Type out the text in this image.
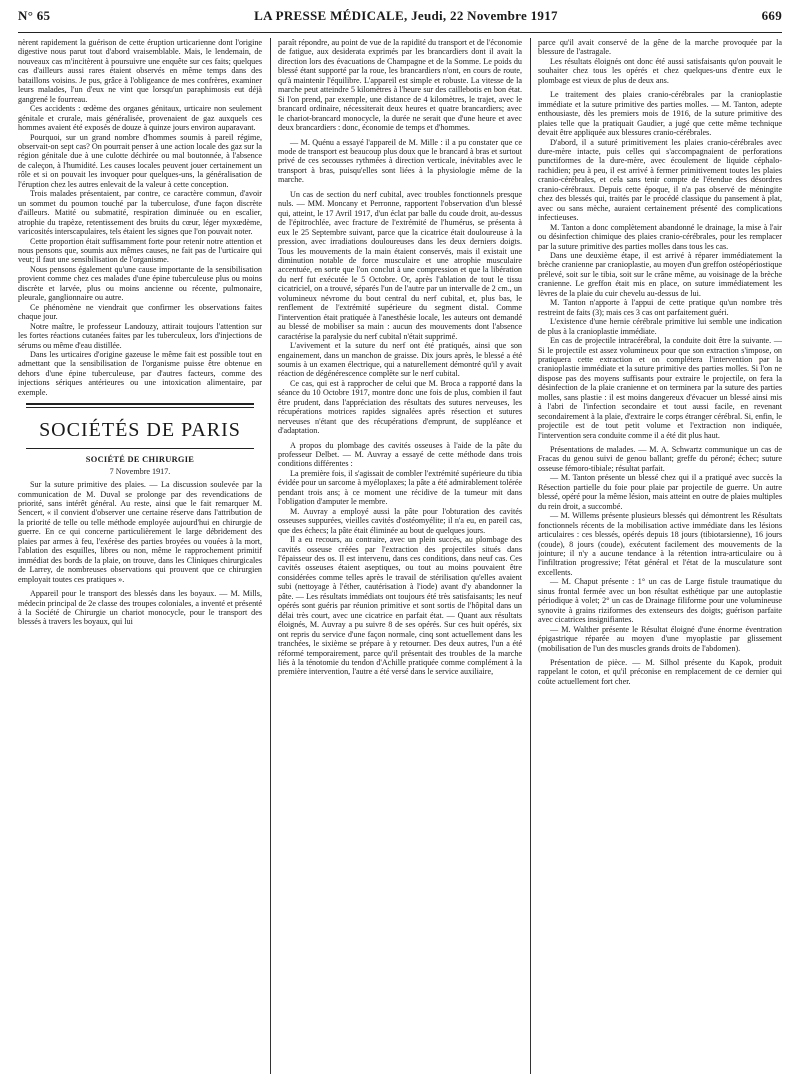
N° 65	LA PRESSE MÉDICALE, Jeudi, 22 Novembre 1917	669

nèrent rapidement la guérison de cette éruption urticarienne dont l'origine digestive nous parut tout d'abord vraisemblable. Mais, le lendemain, de nouveaux cas m'incitèrent à poursuivre une enquête sur ces faits; quelques cas d'ailleurs aussi rares étaient observés en même temps dans des bataillons voisins. Je pus, grâce à l'obligeance de mes confrères, examiner leurs malades, l'un d'eux ne vint que lorsqu'un paraphimosis eut déjà gangrené le fourreau.

Ces accidents : œdème des organes génitaux, urticaire non seulement génitale et crurale, mais généralisée, provenaient de gaz auxquels ces hommes avaient été exposés de douze à quinze jours environ auparavant.

Pourquoi, sur un grand nombre d'hommes soumis à pareil régime, observait-on sept cas? On pourrait penser à une action locale des gaz sur la région génitale due à une culotte déchirée ou mal boutonnée, à l'absence de caleçon, à l'humidité. Les causes locales peuvent jouer certainement un rôle et si on pouvait les invoquer pour quelques-uns, la généralisation de l'éruption chez les autres enlevait de la valeur à cette conception.

Trois malades présentaient, par contre, ce caractère commun, d'avoir un sommet du poumon touché par la tuberculose, d'une façon discrète d'ailleurs. Matité ou submatité, respiration diminuée ou en escalier, atrophie du trapèze, retentissement des bruits du cœur, léger myxœdème, varicosités interscapulaires, tels étaient les signes que l'on pouvait noter.

Cette proportion était suffisamment forte pour retenir notre attention et nous pensons que, soumis aux mêmes causes, ne fait pas de l'urticaire qui veut; il faut une sensibilisation de l'organisme.

Nous pensons également qu'une cause importante de la sensibilisation provient comme chez ces malades d'une épine tuberculeuse plus ou moins discrète et larvée, plus ou moins ancienne ou récente, pulmonaire, pleurale, ganglionnaire ou autre.

Ce phénomène ne viendrait que confirmer les observations faites chaque jour.

Notre maître, le professeur Landouzy, attirait toujours l'attention sur les fortes réactions cutanées faites par les tuberculeux, lors d'injections de sérums ou même d'eau distillée.

Dans les urticaires d'origine gazeuse le même fait est possible tout en admettant que la sensibilisation de l'organisme puisse être obtenue en dehors d'une épine tuberculeuse, par d'autres facteurs, comme des injections sériques antérieures ou une intoxication alimentaire, par exemple.

SOCIÉTÉS DE PARIS

SOCIÉTÉ DE CHIRURGIE

7 Novembre 1917.

Sur la suture primitive des plaies. — La discussion soulevée par la communication de M. Duval se prolonge par des revendications de priorité, sans intérêt général. Au reste, ainsi que le fait remarquer M. Sencert, « il convient d'observer une certaine réserve dans l'attribution de la priorité de telle ou telle méthode employée aujourd'hui en chirurgie de guerre. En ce qui concerne particulièrement le large débridement des plaies par armes à feu, l'exérèse des parties broyées ou vouées à la mort, l'ablation des esquilles, libres ou non, même le rapprochement primitif immédiat des bords de la plaie, on trouve, dans les Cliniques chirurgicales de Larrey, de nombreuses observations qui prouvent que ce chirurgien employait toutes ces pratiques ».

Appareil pour le transport des blessés dans les boyaux. — M. Mills, médecin principal de 2e classe des troupes coloniales, a inventé et présenté à la Société de Chirurgie un chariot monocycle, pour le transport des blessés à travers les boyaux, qui lui

paraît répondre, au point de vue de la rapidité du transport et de l'économie de fatigue, aux desiderata exprimés par les brancardiers dont il avait la direction lors des évacuations de Champagne et de la Somme. Le poids du blessé étant supporté par la roue, les brancardiers n'ont, en cours de route, qu'à maintenir l'équilibre. L'appareil est simple et robuste. La vitesse de la marche peut atteindre 5 kilomètres à l'heure sur des caillebotis en bon état. Si l'on prend, par exemple, une distance de 4 kilomètres, le trajet, avec le brancard ordinaire, nécessiterait deux heures et quatre brancardiers; avec le chariot-brancard monocycle, la durée ne serait que d'une heure et avec deux brancardiers : donc, économie de temps et d'hommes.

— M. Quénu a essayé l'appareil de M. Mille : il a pu constater que ce mode de transport est beaucoup plus doux que le brancard à bras et surtout privé de ces secousses rythmées à direction verticale, inévitables avec le transport à bras, puisqu'elles sont liées à la physiologie même de la marche.

Un cas de section du nerf cubital, avec troubles fonctionnels presque nuls. — MM. Moncany et Perronne, rapportent l'observation d'un blessé qui, atteint, le 17 Avril 1917, d'un éclat par balle du coude droit, au-dessus de l'épitrochlée, avec fracture de l'extrémité de l'humérus, se présenta à eux le 25 Septembre suivant, parce que la cicatrice était douloureuse à la pression, avec irradiations douloureuses dans les deux derniers doigts. Tous les mouvements de la main étaient conservés, mais il existait une diminution notable de force musculaire et une atrophie musculaire accentuée, en sorte que l'on conclut à une compression et que la libération du nerf fut exécutée le 5 Octobre. Or, après l'ablation de tout le tissu cicatriciel, on a trouvé, séparés l'un de l'autre par un intervalle de 2 cm., un volumineux névrome du bout central du nerf cubital, et, plus bas, le renflement de l'extrémité supérieure du segment distal. Comme l'intervention était pratiquée à l'anesthésie locale, les auteurs ont demandé au blessé de mobiliser sa main : aucun des mouvements dont l'absence caractérise la paralysie du nerf cubital n'était supprimé.

L'avivement et la suture du nerf ont été pratiqués, ainsi que son engainement, dans un manchon de graisse. Dix jours après, le blessé a été soumis à un examen électrique, qui a naturellement démontré qu'il y avait réaction de dégénérescence complète sur le nerf cubital.

Ce cas, qui est à rapprocher de celui que M. Broca a rapporté dans la séance du 10 Octobre 1917, montre donc une fois de plus, combien il faut être prudent, dans l'appréciation des résultats des sutures nerveuses, les récupérations motrices rapides signalées après résection et sutures nerveuses n'étant que des récupérations d'emprunt, de suppléance et d'adaptation.

A propos du plombage des cavités osseuses à l'aide de la pâte du professeur Delbet. — M. Auvray a essayé de cette méthode dans trois conditions différentes :

La première fois, il s'agissait de combler l'extrémité supérieure du tibia évidée pour un sarcome à myéloplaxes; la pâte a été admirablement tolérée pendant trois ans; à ce moment une récidive de la tumeur mit dans l'obligation d'amputer le membre.

M. Auvray a employé aussi la pâte pour l'obturation des cavités osseuses suppurées, vieilles cavités d'ostéomyélite; il n'a eu, en pareil cas, que des échecs; la pâte était éliminée au bout de quelques jours.

Il a eu recours, au contraire, avec un plein succès, au plombage des cavités osseuse créées par l'extraction des projectiles situés dans l'épaisseur des os. Il est intervenu, dans ces conditions, dans neuf cas. Ces cavités osseuses étaient aseptiques, ou tout au moins pouvaient être considérées comme telles après le travail de stérilisation qu'elles avaient subi (nettoyage à l'éther, cautérisation à l'iode) avant d'y abandonner la pâte. — Les résultats immédiats ont toujours été très satisfaisants; les neuf opérés sont guéris par réunion primitive et sont sortis de l'hôpital dans un délai très court, avec une cicatrice en parfait état. — Quant aux résultats éloignés, M. Auvray a pu suivre 8 de ses opérés. Sur ces huit opérés, six ont repris du service d'une façon normale, cinq sont actuellement dans les tranchées, le sixième se prépare à y retourner. Des deux autres, l'un a été réformé temporairement, parce qu'il présentait des troubles de la marche liés à la ténotomie du tendon d'Achille pratiquée comme complément à la première intervention, l'autre a été versé dans le service auxiliaire,

parce qu'il avait conservé de la gêne de la marche provoquée par la blessure de l'astragale.

Les résultats éloignés ont donc été aussi satisfaisants qu'on pouvait le souhaiter chez tous les opérés et chez quelques-uns d'entre eux le plombage est vieux de plus de deux ans.

Le traitement des plaies cranio-cérébrales par la cranioplastie immédiate et la suture primitive des parties molles. — M. Tanton, adepte enthousiaste, dès les premiers mois de 1916, de la suture primitive des plaies telle que la pratiquait Gaudier, a jugé que cette même technique devait être appliquée aux blessures cranio-cérébrales.

D'abord, il a suturé primitivement les plaies cranio-cérébrales avec dure-mère intacte, puis celles qui s'accompagnaient de perforations punctiformes de la dure-mère, avec écoulement de liquide céphalo-rachidien; peu à peu, il est arrivé à fermer primitivement toutes les plaies cranio-cérébrales, et cela sans tenir compte de l'étendue des désordres cranio-cérébraux. Depuis cette époque, il n'a pas observé de méningite chez des blessés qui, traités par le procédé classique du pansement à plat, avec ou sans mèche, auraient certainement présenté des complications infectieuses.

M. Tanton a donc complètement abandonné le drainage, la mise à l'air ou désinfection chimique des plaies cranio-cérébrales, pour les remplacer par la suture primitive des parties molles dans tous les cas.

Dans une deuxième étape, il est arrivé à réparer immédiatement la brèche cranienne par cranioplastie, au moyen d'un greffon ostéopériostique prélevé, soit sur le tibia, soit sur le crâne même, au voisinage de la brèche cranienne. Le greffon était mis en place, on suture immédiatement les lèvres de la plaie du cuir chevelu au-dessus de lui.

M. Tanton n'apporte à l'appui de cette pratique qu'un nombre très restreint de faits (3); mais ces 3 cas ont parfaitement guéri.

L'existence d'une hernie cérébrale primitive lui semble une indication de plus à la cranioplastie immédiate.

En cas de projectile intracérébral, la conduite doit être la suivante. — Si le projectile est assez volumineux pour que son extraction s'impose, on pratiquera cette extraction et on complétera l'intervention par la cranioplastie immédiate et la suture primitive des parties molles. Si l'on ne dispose pas des moyens suffisants pour extraire le projectile, on fera la désinfection de la plaie cranienne et on terminera par la suture des parties molles, sans plastie : il est moins dangereux d'évacuer un blessé ainsi mis à l'abri de l'infection secondaire et tout aussi facile, en revenant secondairement à la plaie, d'extraire le corps étranger cérébral. Si, enfin, le projectile est de tout petit volume et l'extraction non indiquée, l'intervention sera conduite comme il a été dit plus haut.

Présentations de malades. — M. A. Schwartz communique un cas de Fracas du genou suivi de genou ballant; greffe du péroné; échec; suture osseuse fémoro-tibiale; résultat parfait.

— M. Tanton présente un blessé chez qui il a pratiqué avec succès la Résection partielle du foie pour plaie par projectile de guerre. Un autre blessé, opéré pour la même lésion, mais atteint en outre de plaies multiples du rein droit, a succombé.

— M. Willems présente plusieurs blessés qui démontrent les Résultats fonctionnels récents de la mobilisation active immédiate dans les lésions articulaires : ces blessés, opérés depuis 18 jours (tibiotarsienne), 16 jours (coude), 8 jours (coude), exécutent facilement des mouvements de la jointure; il n'y a aucune tendance à la rétention intra-articulaire ou à l'infiltration progressive; l'état général et l'état de la musculature sont excellents.

— M. Chaput présente : 1° un cas de Large fistule traumatique du sinus frontal fermée avec un bon résultat esthétique par une autoplastie périodique à volet; 2° un cas de Drainage filiforme pour une volumineuse synovite à grains riziformes des extenseurs des doigts; guérison parfaite avec cicatrices insignifiantes.

— M. Walther présente le Résultat éloigné d'une énorme éventration épigastrique réparée au moyen d'une myoplastie par glissement (mobilisation de l'un des muscles grands droits de l'abdomen).

Présentation de pièce. — M. Silhol présente du Kapok, produit rappelant le coton, et qu'il préconise en remplacement de ce dernier qui coûte actuellement fort cher.
